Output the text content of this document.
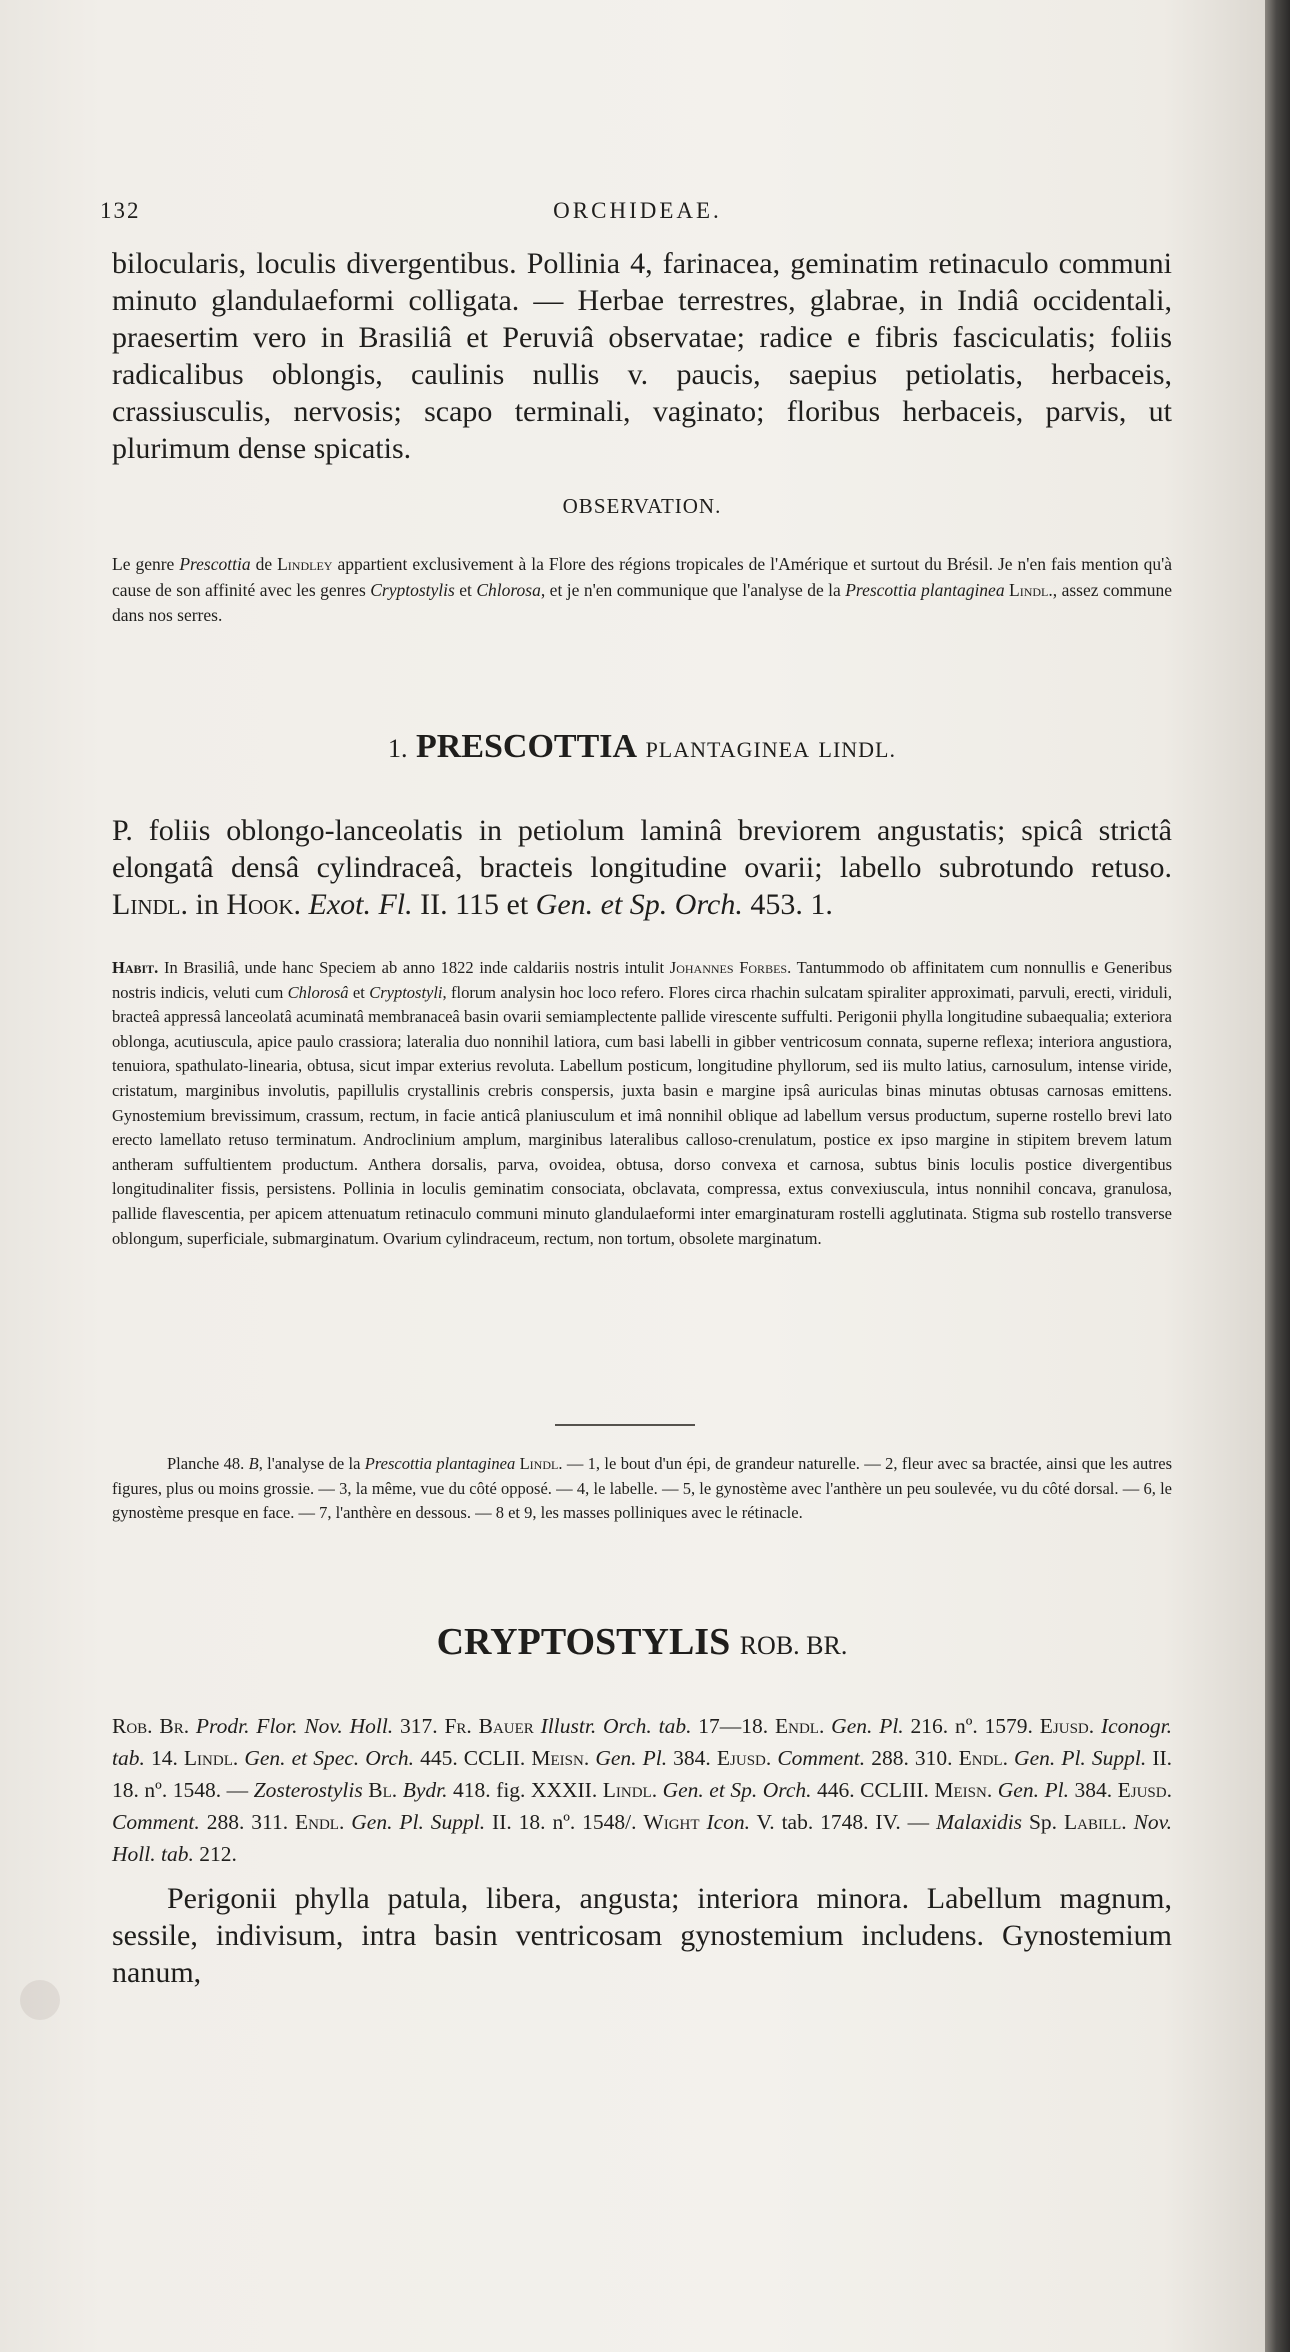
132	ORCHIDEAE.
bilocularis, loculis divergentibus. Pollinia 4, farinacea, geminatim retinaculo communi minuto glandulaeformi colligata. — Herbae terrestres, glabrae, in Indiâ occidentali, praesertim vero in Brasiliâ et Peruviâ observatae; radice e fibris fasciculatis; foliis radicalibus oblongis, caulinis nullis v. paucis, saepius petiolatis, herbaceis, crassiusculis, nervosis; scapo terminali, vaginato; floribus herbaceis, parvis, ut plurimum dense spicatis.
OBSERVATION.
Le genre Prescottia de Lindley appartient exclusivement à la Flore des régions tropicales de l'Amérique et surtout du Brésil. Je n'en fais mention qu'à cause de son affinité avec les genres Cryptostylis et Chlorosa, et je n'en communique que l'analyse de la Prescottia plantaginea Lindl., assez commune dans nos serres.
1. PRESCOTTIA PLANTAGINEA LINDL.
P. foliis oblongo-lanceolatis in petiolum laminâ breviorem angustatis; spicâ strictâ elongatâ densâ cylindraceâ, bracteis longitudine ovarii; labello subrotundo retuso. Lindl. in Hook. Exot. Fl. II. 115 et Gen. et Sp. Orch. 453. 1.
Habit. In Brasiliâ, unde hanc Speciem ab anno 1822 inde caldariis nostris intulit Johannes Forbes. Tantummodo ob affinitatem cum nonnullis e Generibus nostris indicis, veluti cum Chlorosâ et Cryptostyli, florum analysin hoc loco refero. Flores circa rhachin sulcatam spiraliter approximati, parvuli, erecti, viriduli, bracteâ appressâ lanceolatâ acuminatâ membranaceâ basin ovarii semiamplectente pallide virescente suffulti. Perigonii phylla longitudine subaequalia; exteriora oblonga, acutiuscula, apice paulo crassiora; lateralia duo nonnihil latiora, cum basi labelli in gibber ventricosum connata, superne reflexa; interiora angustiora, tenuiora, spathulato-linearia, obtusa, sicut impar exterius revoluta. Labellum posticum, longitudine phyllorum, sed iis multo latius, carnosulum, intense viride, cristatum, marginibus involutis, papillulis crystallinis crebris conspersis, juxta basin e margine ipsâ auriculas binas minutas obtusas carnosas emittens. Gynostemium brevissimum, crassum, rectum, in facie anticâ planiusculum et imâ nonnihil oblique ad labellum versus productum, superne rostello brevi lato erecto lamellato retuso terminatum. Androclinium amplum, marginibus lateralibus calloso-crenulatum, postice ex ipso margine in stipitem brevem latum antheram suffultientem productum. Anthera dorsalis, parva, ovoidea, obtusa, dorso convexa et carnosa, subtus binis loculis postice divergentibus longitudinaliter fissis, persistens. Pollinia in loculis geminatim consociata, obclavata, compressa, extus convexiuscula, intus nonnihil concava, granulosa, pallide flavescentia, per apicem attenuatum retinaculo communi minuto glandulaeformi inter emarginaturam rostelli agglutinata. Stigma sub rostello transverse oblongum, superficiale, submarginatum. Ovarium cylindraceum, rectum, non tortum, obsolete marginatum.
Planche 48. B, l'analyse de la Prescottia plantaginea Lindl. — 1, le bout d'un épi, de grandeur naturelle. — 2, fleur avec sa bractée, ainsi que les autres figures, plus ou moins grossie. — 3, la même, vue du côté opposé. — 4, le labelle. — 5, le gynostème avec l'anthère un peu soulevée, vu du côté dorsal. — 6, le gynostème presque en face. — 7, l'anthère en dessous. — 8 et 9, les masses polliniques avec le rétinacle.
CRYPTOSTYLIS ROB. BR.
Rob. Br. Prodr. Flor. Nov. Holl. 317. Fr. Bauer Illustr. Orch. tab. 17—18. Endl. Gen. Pl. 216. nº. 1579. Ejusd. Iconogr. tab. 14. Lindl. Gen. et Spec. Orch. 445. CCLII. Meisn. Gen. Pl. 384. Ejusd. Comment. 288. 310. Endl. Gen. Pl. Suppl. II. 18. nº. 1548. — Zosterostylis Bl. Bydr. 418. fig. XXXII. Lindl. Gen. et Sp. Orch. 446. CCLIII. Meisn. Gen. Pl. 384. Ejusd. Comment. 288. 311. Endl. Gen. Pl. Suppl. II. 18. nº. 1548/. Wight Icon. V. tab. 1748. IV. — Malaxidis Sp. Labill. Nov. Holl. tab. 212.
Perigonii phylla patula, libera, angusta; interiora minora. Labellum magnum, sessile, indivisum, intra basin ventricosam gynostemium includens. Gynostemium nanum,
